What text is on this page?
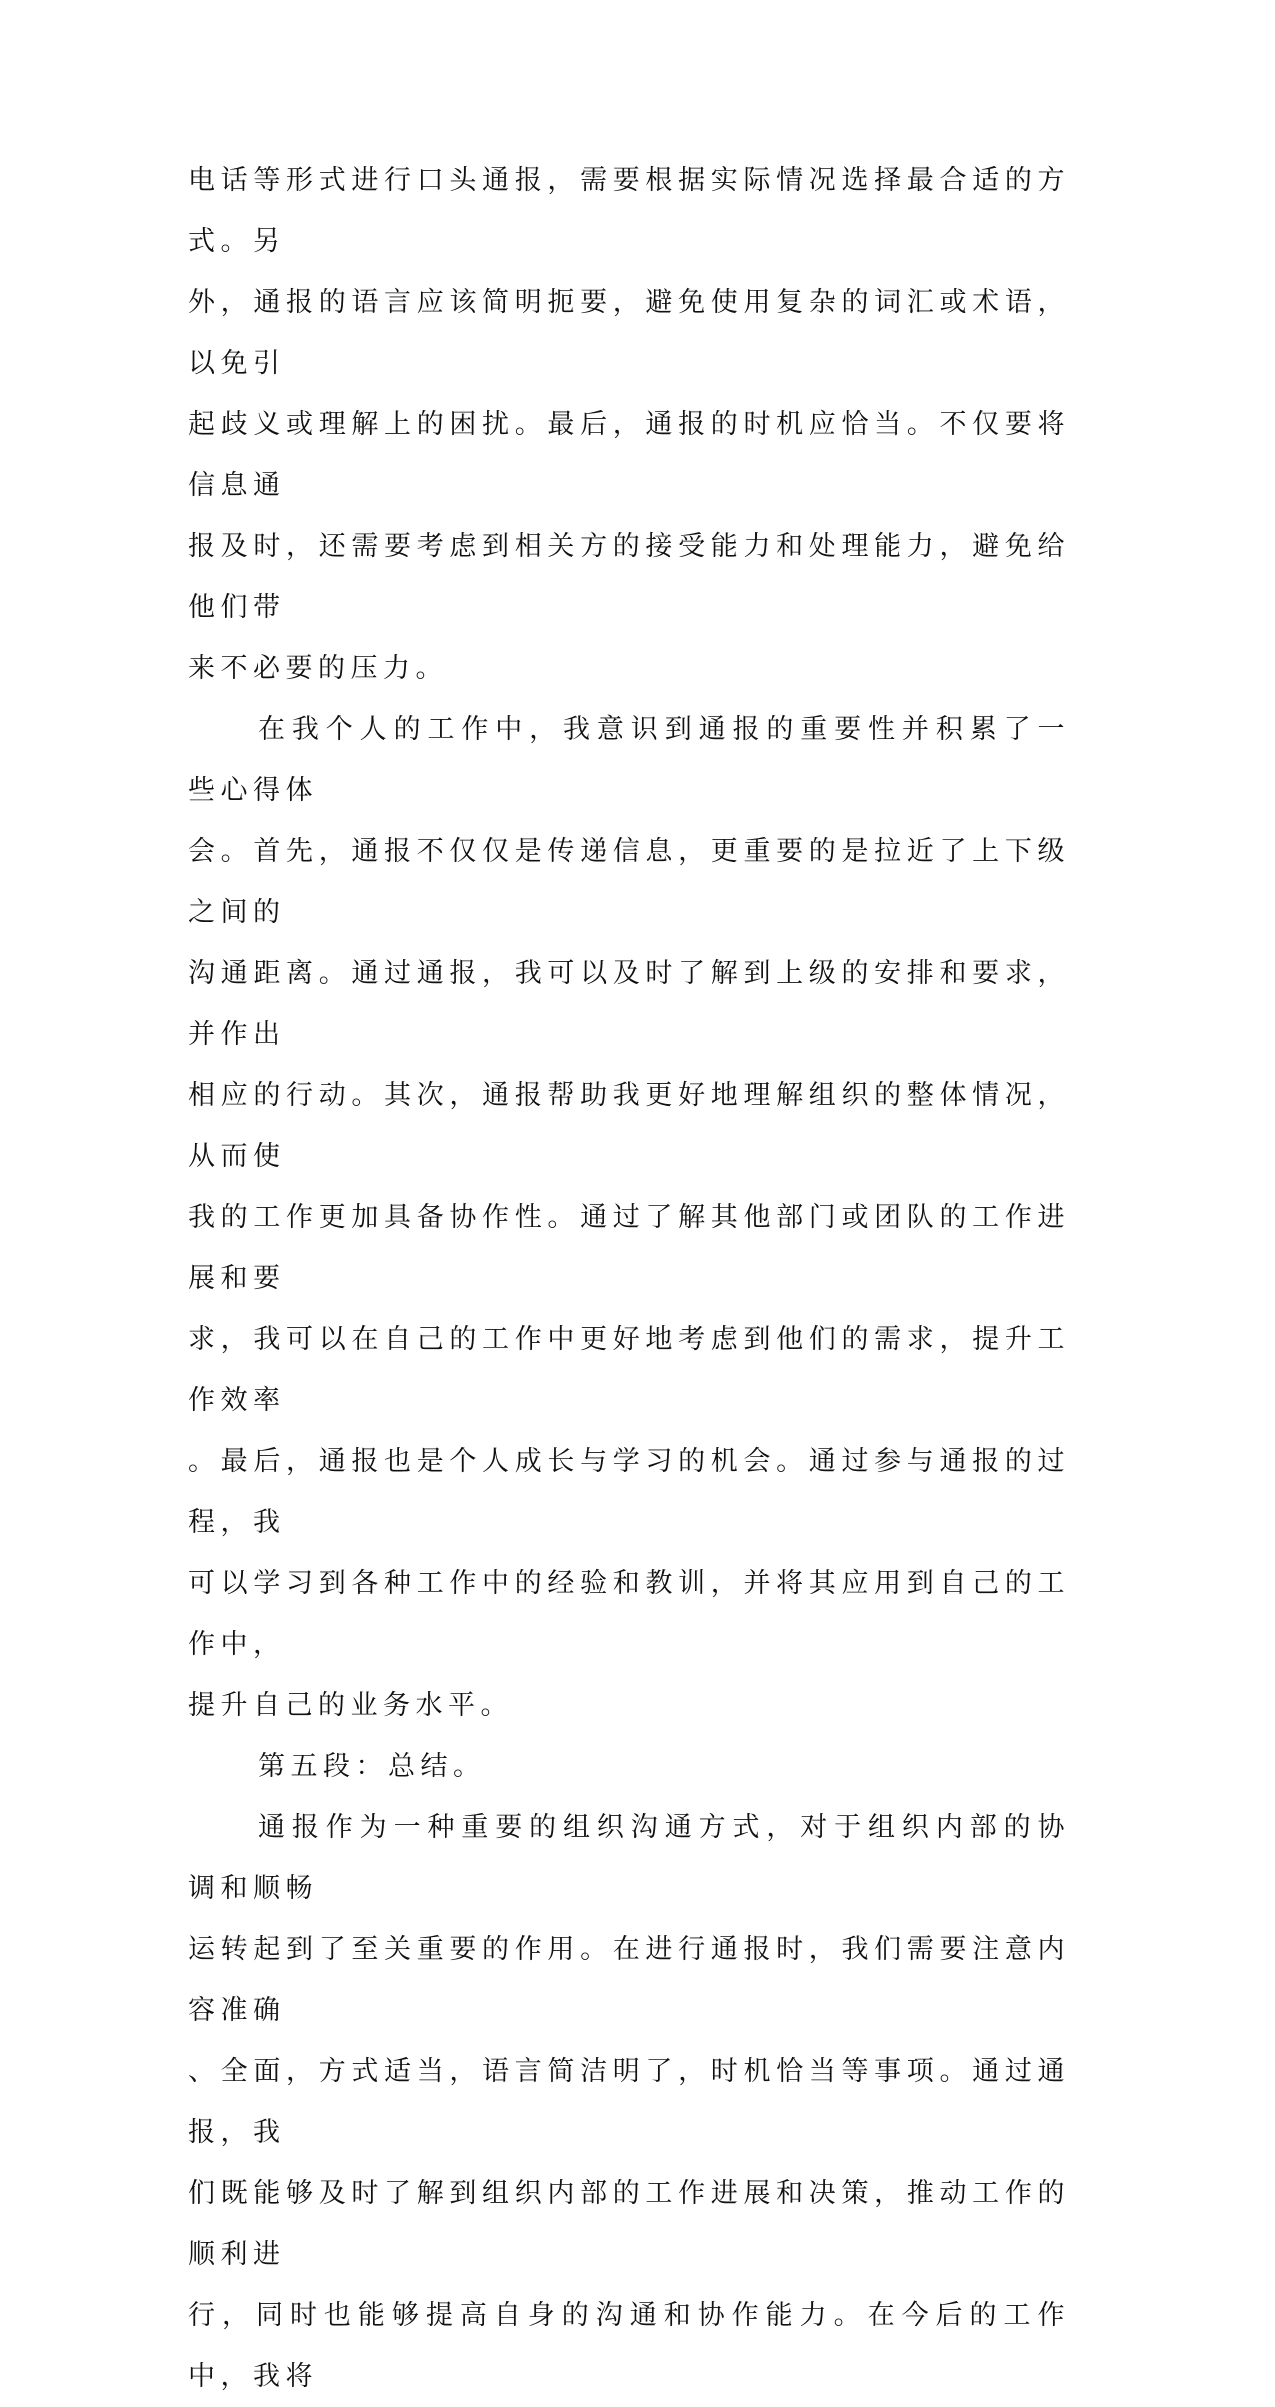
电话等形式进行口头通报，需要根据实际情况选择最合适的方式。另
外，通报的语言应该简明扼要，避免使用复杂的词汇或术语，以免引
起歧义或理解上的困扰。最后，通报的时机应恰当。不仅要将信息通
报及时，还需要考虑到相关方的接受能力和处理能力，避免给他们带
来不必要的压力。
在我个人的工作中，我意识到通报的重要性并积累了一些心得体
会。首先，通报不仅仅是传递信息，更重要的是拉近了上下级之间的
沟通距离。通过通报，我可以及时了解到上级的安排和要求，并作出
相应的行动。其次，通报帮助我更好地理解组织的整体情况，从而使
我的工作更加具备协作性。通过了解其他部门或团队的工作进展和要
求，我可以在自己的工作中更好地考虑到他们的需求，提升工作效率
。最后，通报也是个人成长与学习的机会。通过参与通报的过程，我
可以学习到各种工作中的经验和教训，并将其应用到自己的工作中，
提升自己的业务水平。
第五段：总结。
通报作为一种重要的组织沟通方式，对于组织内部的协调和顺畅
运转起到了至关重要的作用。在进行通报时，我们需要注意内容准确
、全面，方式适当，语言简洁明了，时机恰当等事项。通过通报，我
们既能够及时了解到组织内部的工作进展和决策，推动工作的顺利进
行，同时也能够提高自身的沟通和协作能力。在今后的工作中，我将
